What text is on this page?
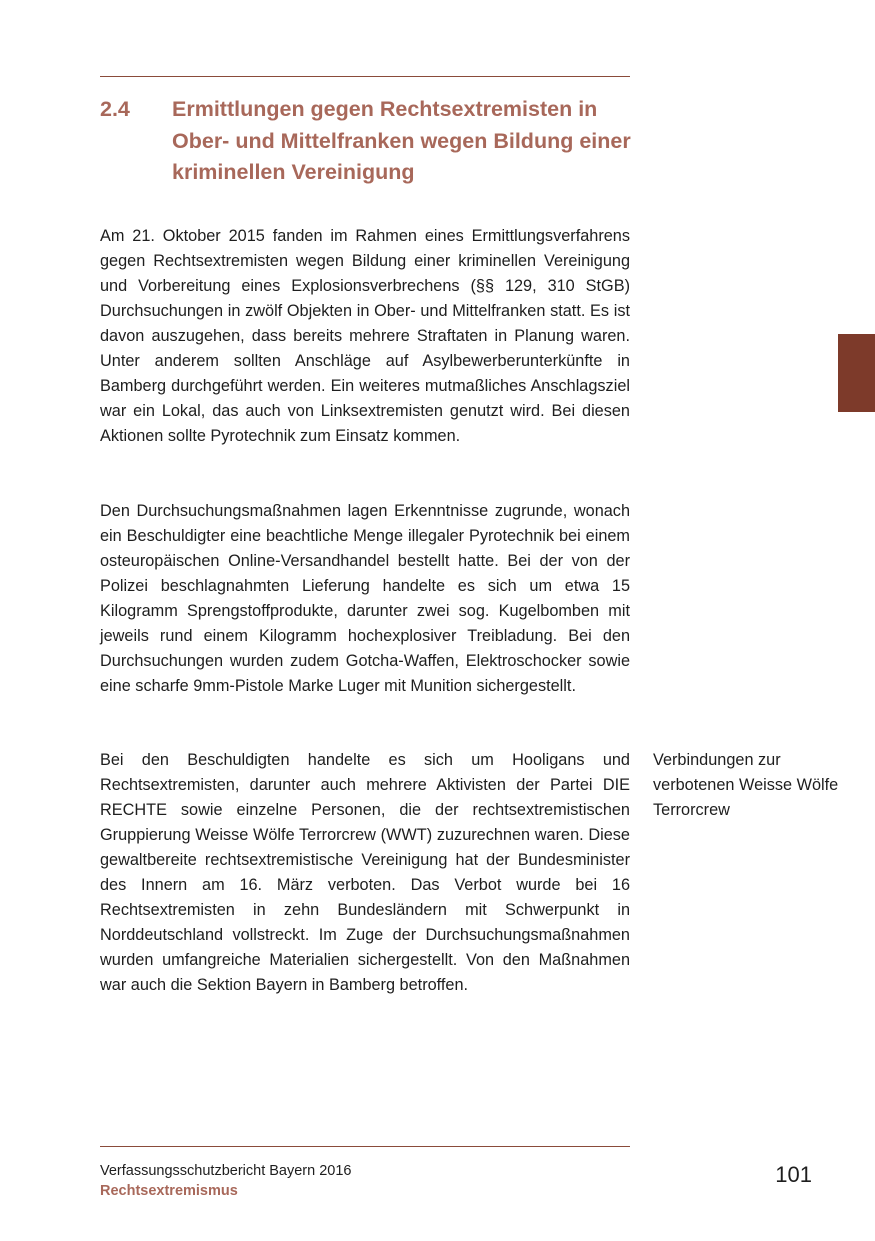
2.4	Ermittlungen gegen Rechtsextremisten in Ober- und Mittelfranken wegen Bildung einer kriminellen Vereinigung

Am 21. Oktober 2015 fanden im Rahmen eines Ermittlungsverfahrens gegen Rechtsextremisten wegen Bildung einer kriminellen Vereinigung und Vorbereitung eines Explosionsverbrechens (§§ 129, 310 StGB) Durchsuchungen in zwölf Objekten in Ober- und Mittelfranken statt. Es ist davon auszugehen, dass bereits mehrere Straftaten in Planung waren. Unter anderem sollten Anschläge auf Asylbewerberunterkünfte in Bamberg durchgeführt werden. Ein weiteres mutmaßliches Anschlagsziel war ein Lokal, das auch von Linksextremisten genutzt wird. Bei diesen Aktionen sollte Pyrotechnik zum Einsatz kommen.

Den Durchsuchungsmaßnahmen lagen Erkenntnisse zugrunde, wonach ein Beschuldigter eine beachtliche Menge illegaler Pyrotechnik bei einem osteuropäischen Online-Versandhandel bestellt hatte. Bei der von der Polizei beschlagnahmten Lieferung handelte es sich um etwa 15 Kilogramm Sprengstoffprodukte, darunter zwei sog. Kugelbomben mit jeweils rund einem Kilogramm hochexplosiver Treibladung. Bei den Durchsuchungen wurden zudem Gotcha-Waffen, Elektroschocker sowie eine scharfe 9mm-Pistole Marke Luger mit Munition sichergestellt.

Bei den Beschuldigten handelte es sich um Hooligans und Rechtsextremisten, darunter auch mehrere Aktivisten der Partei DIE RECHTE sowie einzelne Personen, die der rechtsextremistischen Gruppierung Weisse Wölfe Terrorcrew (WWT) zuzurechnen waren. Diese gewaltbereite rechtsextremistische Vereinigung hat der Bundesminister des Innern am 16. März verboten. Das Verbot wurde bei 16 Rechtsextremisten in zehn Bundesländern mit Schwerpunkt in Norddeutschland vollstreckt. Im Zuge der Durchsuchungsmaßnahmen wurden umfangreiche Materialien sichergestellt. Von den Maßnahmen war auch die Sektion Bayern in Bamberg betroffen.

Verbindungen zur verbotenen Weisse Wölfe Terrorcrew

Verfassungsschutzbericht Bayern 2016
Rechtsextremismus
101
